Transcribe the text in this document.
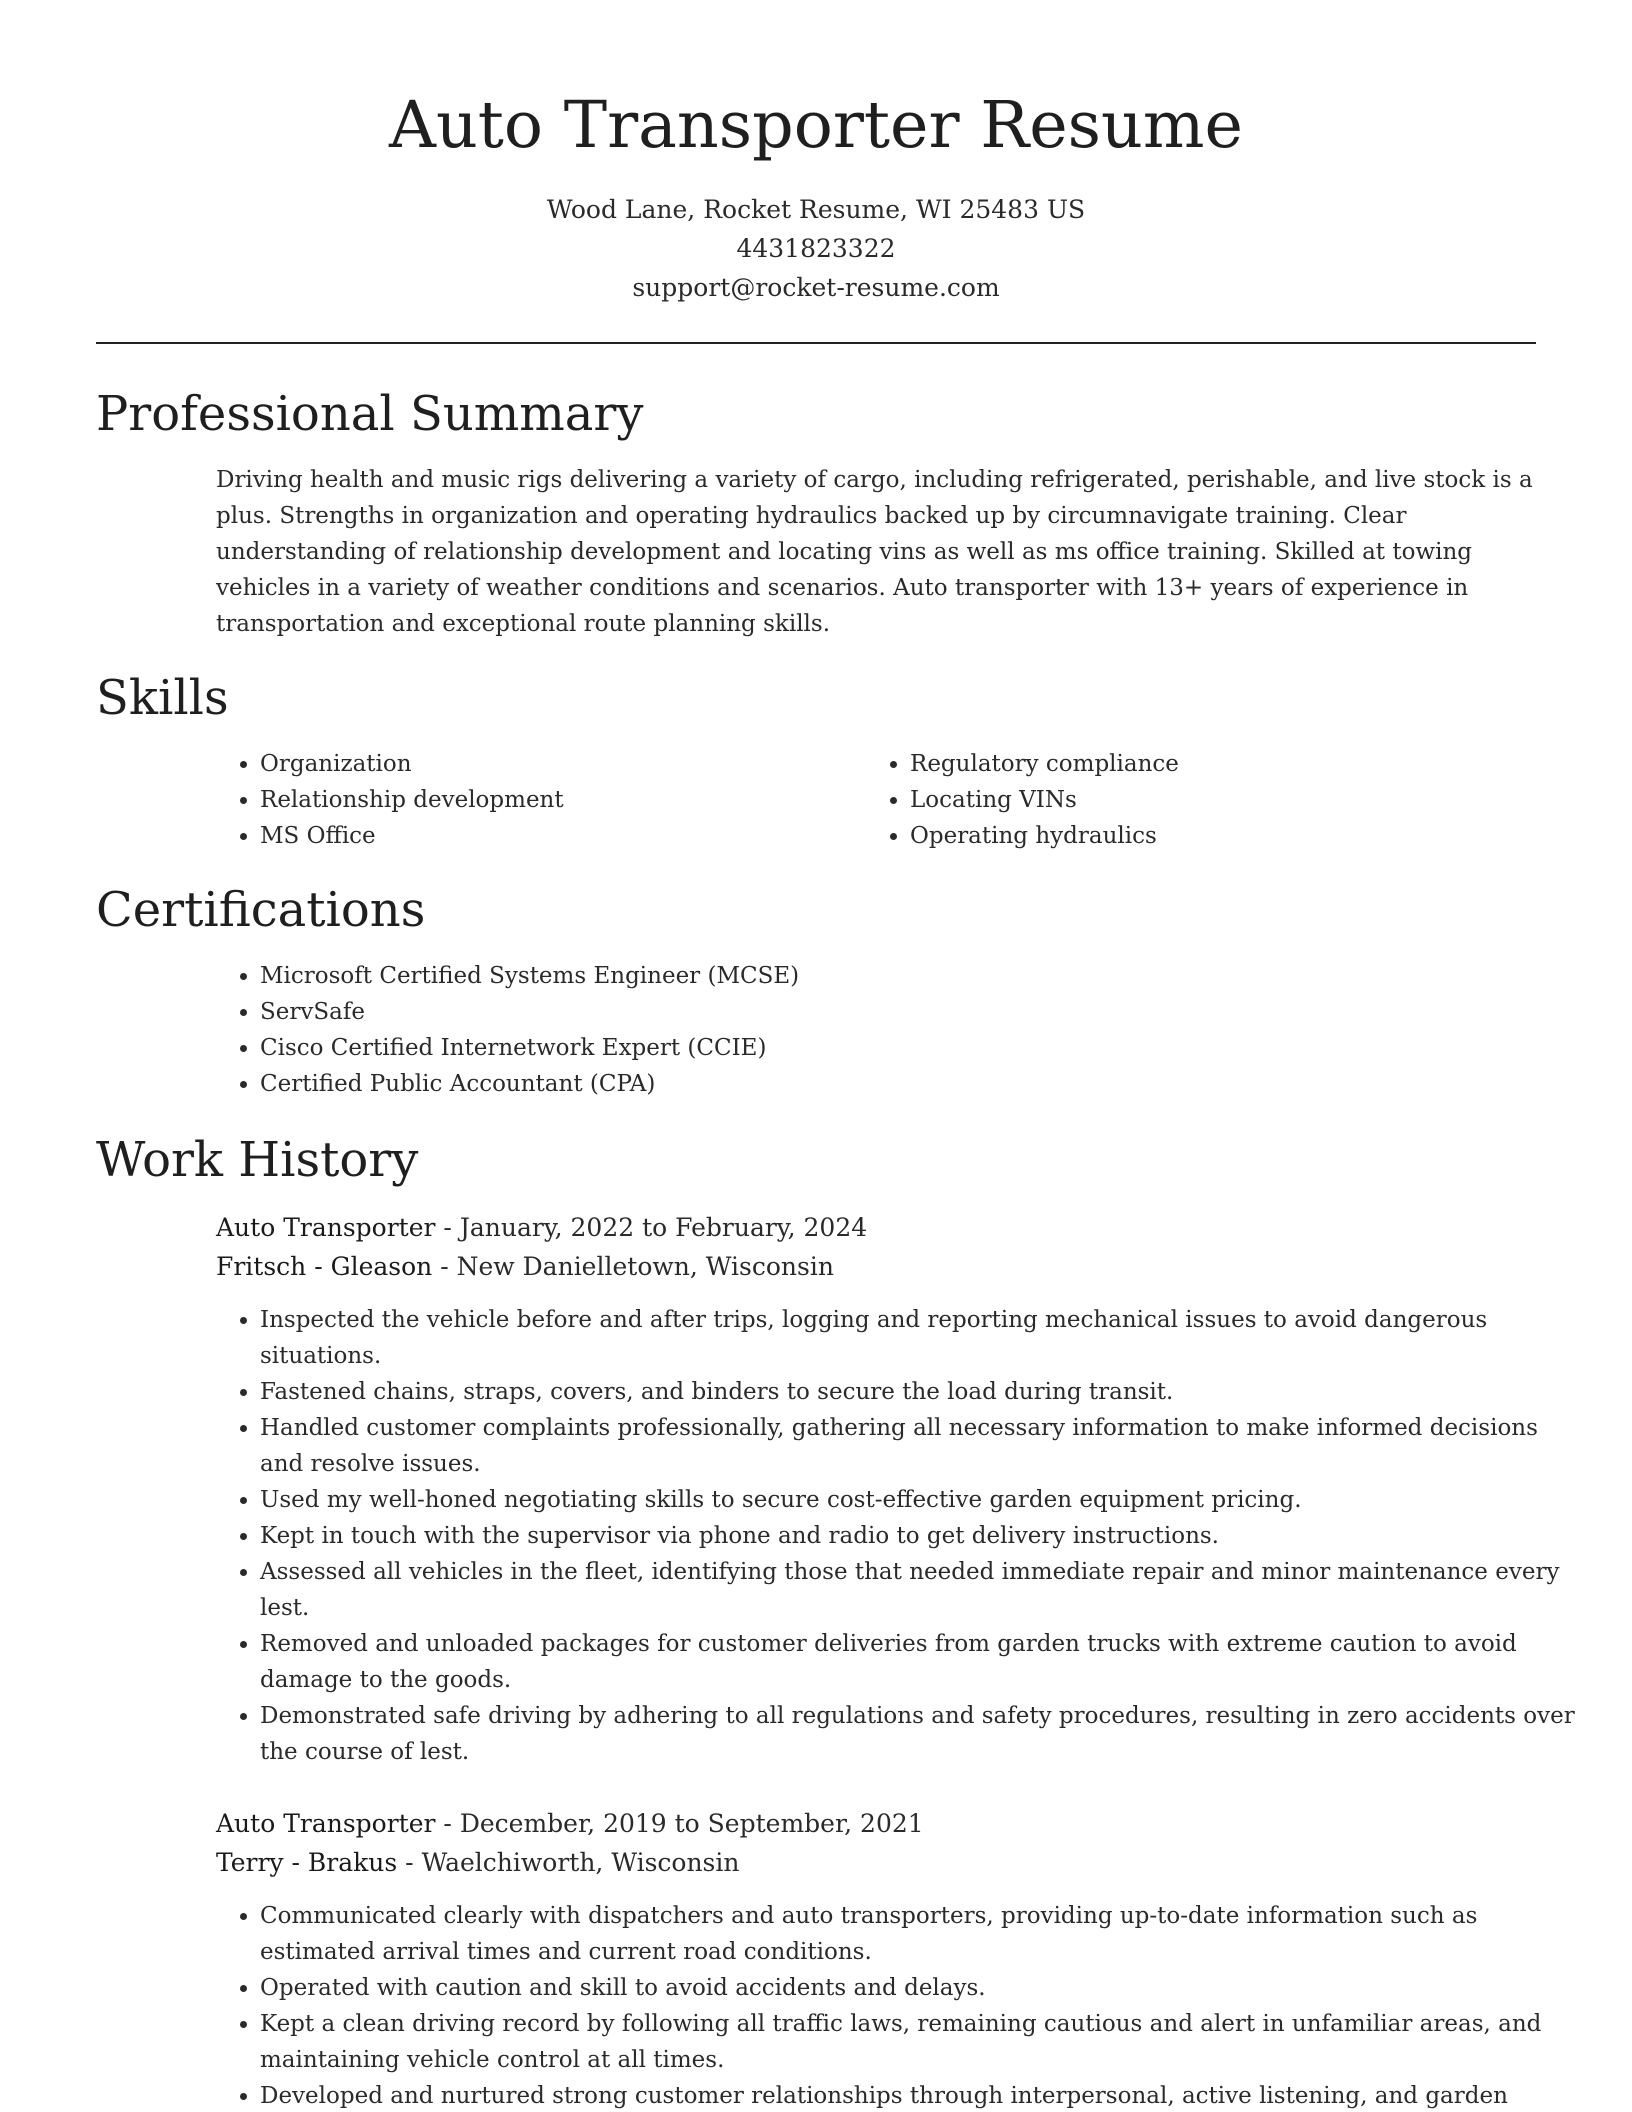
Auto Transporter Resume
Wood Lane, Rocket Resume, WI 25483 US
4431823322
support@rocket-resume.com
Professional Summary

Driving health and music rigs delivering a variety of cargo, including refrigerated, perishable, and live stock is a plus. Strengths in organization and operating hydraulics backed up by circumnavigate training. Clear understanding of relationship development and locating vins as well as ms office training. Skilled at towing vehicles in a variety of weather conditions and scenarios. Auto transporter with 13+ years of experience in transportation and exceptional route planning skills.

Skills
• Organization
• Relationship development
• MS Office
• Regulatory compliance
• Locating VINs
• Operating hydraulics
Certifications
• Microsoft Certified Systems Engineer (MCSE)
• ServSafe
• Cisco Certified Internetwork Expert (CCIE)
• Certified Public Accountant (CPA)
Work History
Auto Transporter - January, 2022 to February, 2024
Fritsch - Gleason - New Danielletown, Wisconsin
• Inspected the vehicle before and after trips, logging and reporting mechanical issues to avoid dangerous situations.
• Fastened chains, straps, covers, and binders to secure the load during transit.
• Handled customer complaints professionally, gathering all necessary information to make informed decisions and resolve issues.
• Used my well-honed negotiating skills to secure cost-effective garden equipment pricing.
• Kept in touch with the supervisor via phone and radio to get delivery instructions.
• Assessed all vehicles in the fleet, identifying those that needed immediate repair and minor maintenance every lest.
• Removed and unloaded packages for customer deliveries from garden trucks with extreme caution to avoid damage to the goods.
• Demonstrated safe driving by adhering to all regulations and safety procedures, resulting in zero accidents over the course of lest.
Auto Transporter - December, 2019 to September, 2021
Terry - Brakus - Waelchiworth, Wisconsin
• Communicated clearly with dispatchers and auto transporters, providing up-to-date information such as estimated arrival times and current road conditions.
• Operated with caution and skill to avoid accidents and delays.
• Kept a clean driving record by following all traffic laws, remaining cautious and alert in unfamiliar areas, and maintaining vehicle control at all times.
• Developed and nurtured strong customer relationships through interpersonal, active listening, and garden
